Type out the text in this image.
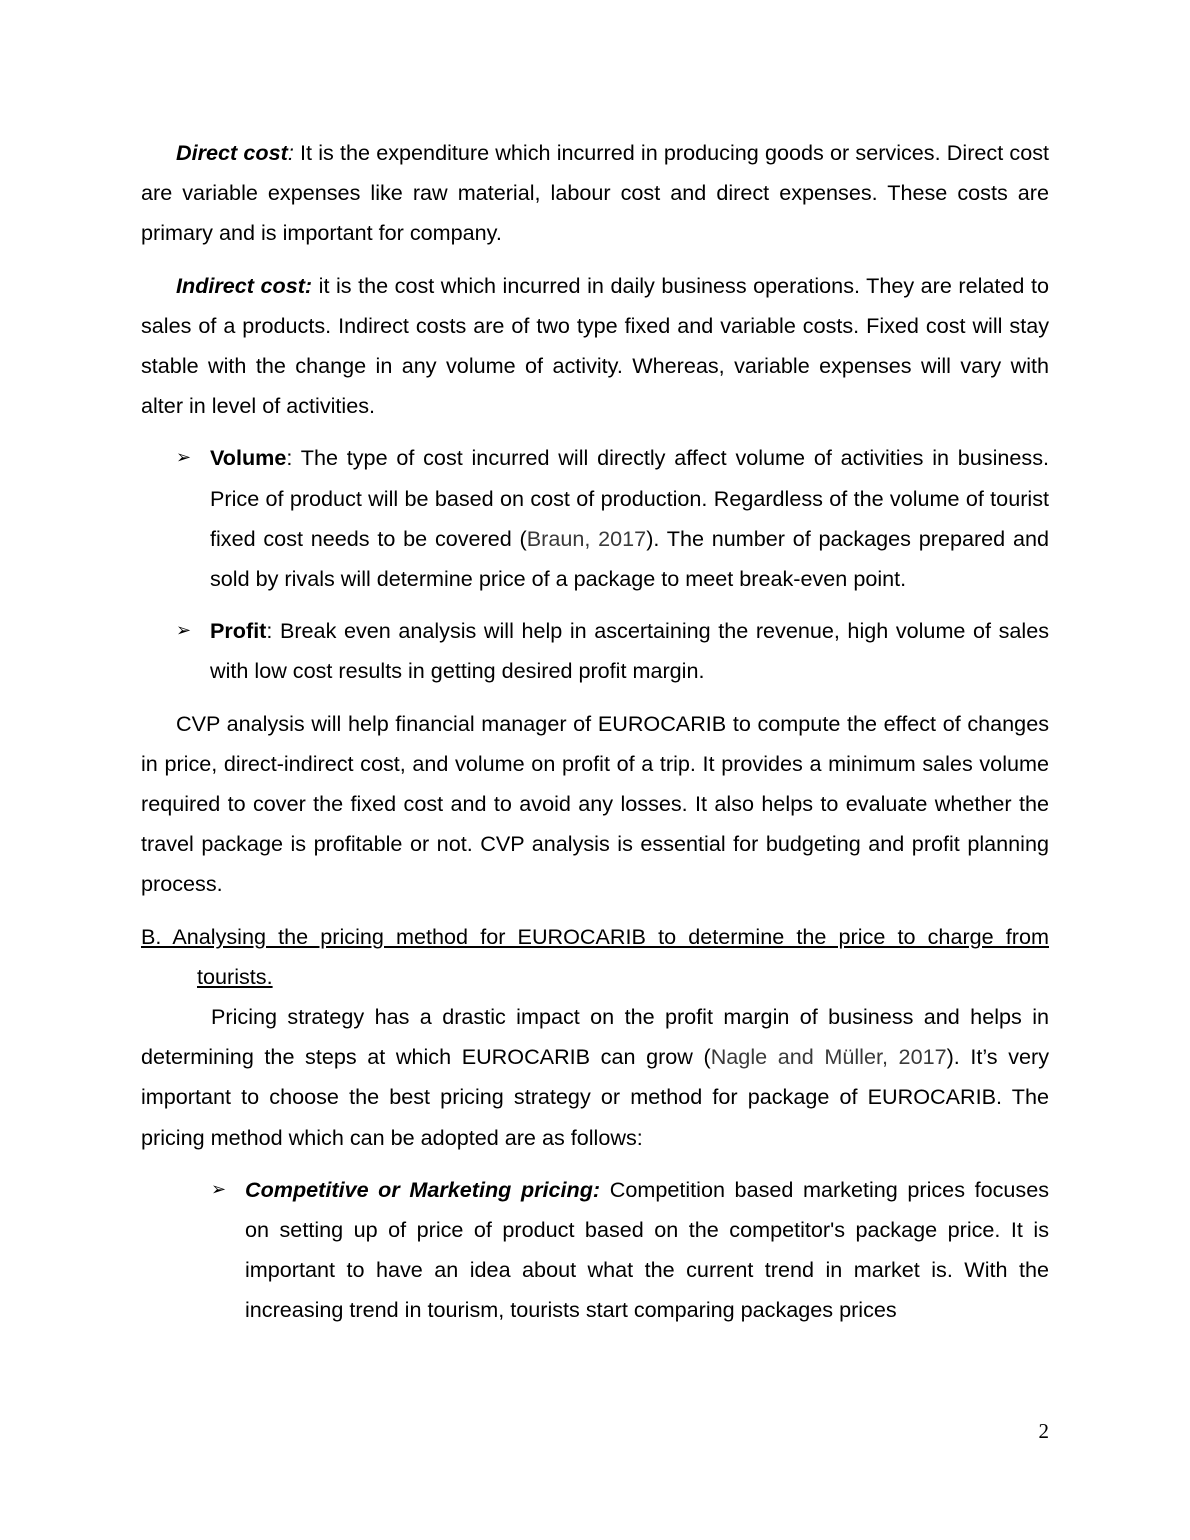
Direct cost: It is the expenditure which incurred in producing goods or services. Direct cost are variable expenses like raw material, labour cost and direct expenses. These costs are primary and is important for company.

Indirect cost: it is the cost which incurred in daily business operations. They are related to sales of a products. Indirect costs are of two type fixed and variable costs. Fixed cost will stay stable with the change in any volume of activity. Whereas, variable expenses will vary with alter in level of activities.

➢ Volume: The type of cost incurred will directly affect volume of activities in business. Price of product will be based on cost of production. Regardless of the volume of tourist fixed cost needs to be covered (Braun, 2017). The number of packages prepared and sold by rivals will determine price of a package to meet break-even point.
➢ Profit: Break even analysis will help in ascertaining the revenue, high volume of sales with low cost results in getting desired profit margin.

CVP analysis will help financial manager of EUROCARIB to compute the effect of changes in price, direct-indirect cost, and volume on profit of a trip. It provides a minimum sales volume required to cover the fixed cost and to avoid any losses. It also helps to evaluate whether the travel package is profitable or not. CVP analysis is essential for budgeting and profit planning process.

B. Analysing the pricing method for EUROCARIB to determine the price to charge from tourists.

Pricing strategy has a drastic impact on the profit margin of business and helps in determining the steps at which EUROCARIB can grow (Nagle and Müller, 2017). It’s very important to choose the best pricing strategy or method for package of EUROCARIB. The pricing method which can be adopted are as follows:

➢ Competitive or Marketing pricing: Competition based marketing prices focuses on setting up of price of product based on the competitor's package price. It is important to have an idea about what the current trend in market is. With the increasing trend in tourism, tourists start comparing packages prices
2
